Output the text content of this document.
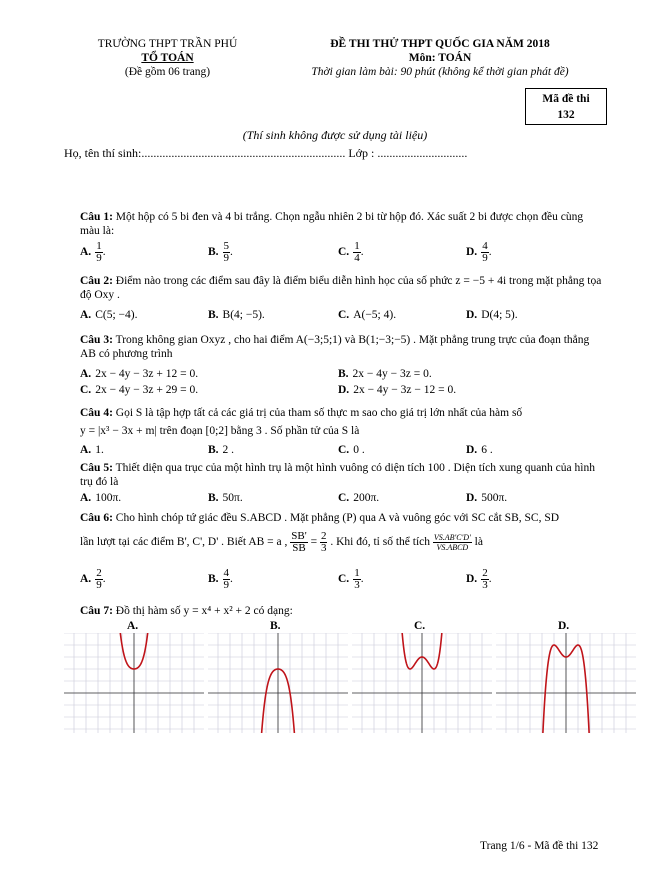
TRƯỜNG THPT TRẦN PHÚ
TỔ TOÁN
(Đề gồm 06 trang)
ĐỀ THI THỬ THPT QUỐC GIA NĂM 2018
Môn: TOÁN
Thời gian làm bài: 90 phút (không kể thời gian phát đề)
Mã đề thi
132
(Thí sinh không được sử dụng tài liệu)
Họ, tên thí sinh:.................................................................... Lớp : ..............................
Câu 1: Một hộp có 5 bi đen và 4 bi trắng. Chọn ngẫu nhiên 2 bi từ hộp đó. Xác suất 2 bi được chọn đều cùng màu là:
A. $\frac{1}{9}$ .	B. $\frac{5}{9}$ .	C. $\frac{1}{4}$ .	D. $\frac{4}{9}$ .
Câu 2: Điểm nào trong các điểm sau đây là điểm biểu diễn hình học của số phức z = −5 + 4i trong mặt phẳng tọa độ Oxy .
A. C(5; −4).	B. B(4; −5).	C. A(−5; 4).	D. D(4; 5).
Câu 3: Trong không gian Oxyz , cho hai điểm A(−3;5;1) và B(1;−3;−5) . Mặt phẳng trung trực của đoạn thẳng AB có phương trình
A. 2x − 4y − 3z + 12 = 0.	B. 2x − 4y − 3z = 0.
C. 2x − 4y − 3z + 29 = 0.	D. 2x − 4y − 3z − 12 = 0.
Câu 4: Gọi S là tập hợp tất cả các giá trị của tham số thực m sao cho giá trị lớn nhất của hàm số
y = |x³ − 3x + m| trên đoạn [0;2] bằng 3 . Số phần tử của S là
A. 1.	B. 2 .	C. 0 .	D. 6 .
Câu 5: Thiết diện qua trục của một hình trụ là một hình vuông có diện tích 100 . Diện tích xung quanh của hình trụ đó là
A. 100π.	B. 50π.	C. 200π.	D. 500π.
Câu 6: Cho hình chóp tứ giác đều S.ABCD . Mặt phẳng (P) qua A và vuông góc với SC cắt SB, SC, SD
lần lượt tại các điểm B', C', D' . Biết AB = a , $\frac{SB'}{SB} = \frac{2}{3}$ . Khi đó, tỉ số thể tích $\frac{VS.AB'C'D'}{\text{VS.ABCD}}$ là
A. $\frac{2}{9}$ .	B. $\frac{4}{9}$ .	C. $\frac{1}{3}$ .	D. $\frac{2}{3}$ .
Câu 7: Đồ thị hàm số y = x⁴ + x² + 2 có dạng:
A.	B.	C.	D.
Trang 1/6 - Mã đề thi 132
